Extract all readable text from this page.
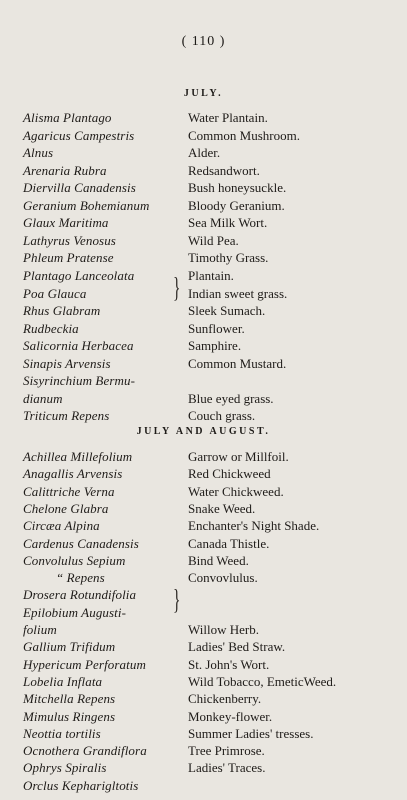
( 110 )
JULY.
Alisma Plantago	Water Plantain.
Agaricus Campestris	Common Mushroom.
Alnus	Alder.
Arenaria Rubra	Redsandwort.
Diervilla Canadensis	Bush honeysuckle.
Geranium Bohemianum	Bloody Geranium.
Glaux Maritima	Sea Milk Wort.
Lathyrus Venosus	Wild Pea.
Phleum Pratense	Timothy Grass.
Plantago Lanceolata	Plantain.
Poa Glauca	Indian sweet grass.
Rhus Glabram	Sleek Sumach.
Rudbeckia	Sunflower.
Salicornia Herbacea	Samphire.
Sinapis Arvensis	Common Mustard.
Sisyrinchium Bermu-
dianum	Blue eyed grass.
Triticum Repens	Couch grass.
}
JULY AND AUGUST.
Achillea Millefolium	Garrow or Millfoil.
Anagallis Arvensis	Red Chickweed
Calittriche Verna	Water Chickweed.
Chelone Glabra	Snake Weed.
Circæa Alpina	Enchanter's Night Shade.
Cardenus Canadensis	Canada Thistle.
Convolulus Sepium	Bind Weed.
“ Repens	Convovlulus.
Drosera Rotundifolia
Epilobium Augusti-
folium	Willow Herb.
Gallium Trifidum	Ladies' Bed Straw.
Hypericum Perforatum	St. John's Wort.
Lobelia Inflata	Wild Tobacco, EmeticWeed.
Mitchella Repens	Chickenberry.
Mimulus Ringens	Monkey-flower.
Neottia tortilis	Summer Ladies' tresses.
Ocnothera Grandiflora	Tree Primrose.
Ophrys Spiralis	Ladies' Traces.
Orclus Kepharigltotis
}
